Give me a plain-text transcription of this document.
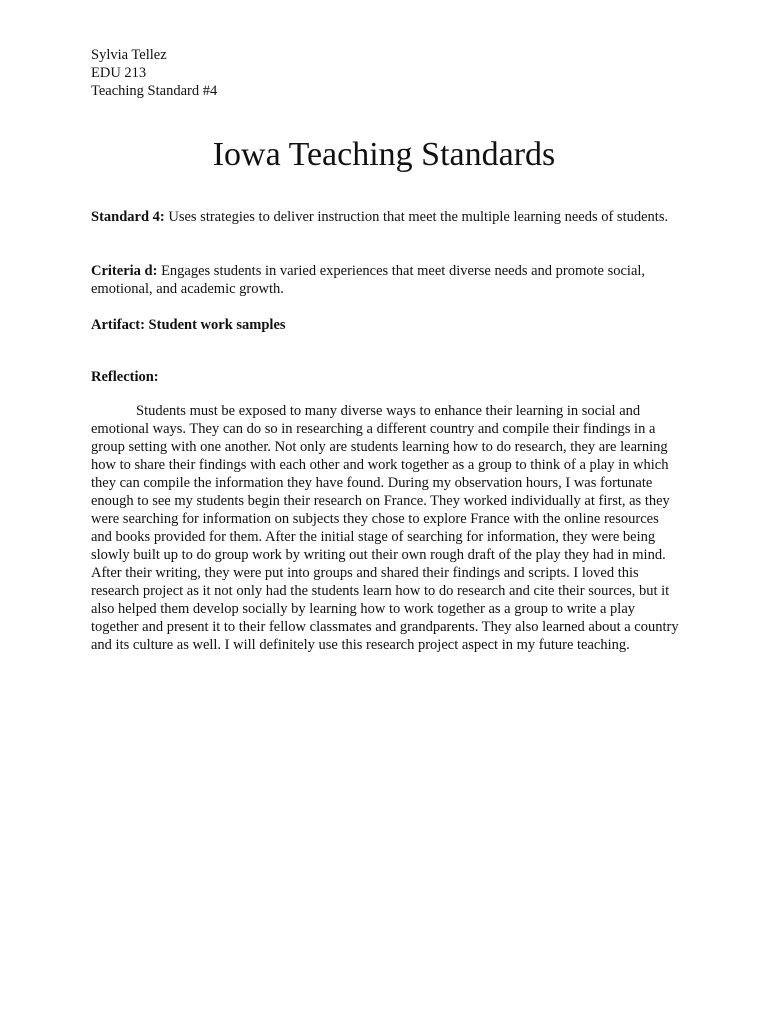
Sylvia Tellez
EDU 213
Teaching Standard #4
Iowa Teaching Standards

Standard 4: Uses strategies to deliver instruction that meet the multiple learning needs of students.

Criteria d: Engages students in varied experiences that meet diverse needs and promote social, emotional, and academic growth.

Artifact: Student work samples

Reflection:

Students must be exposed to many diverse ways to enhance their learning in social and emotional ways. They can do so in researching a different country and compile their findings in a group setting with one another. Not only are students learning how to do research, they are learning how to share their findings with each other and work together as a group to think of a play in which they can compile the information they have found. During my observation hours, I was fortunate enough to see my students begin their research on France. They worked individually at first, as they were searching for information on subjects they chose to explore France with the online resources and books provided for them. After the initial stage of searching for information, they were being slowly built up to do group work by writing out their own rough draft of the play they had in mind. After their writing, they were put into groups and shared their findings and scripts. I loved this research project as it not only had the students learn how to do research and cite their sources, but it also helped them develop socially by learning how to work together as a group to write a play together and present it to their fellow classmates and grandparents. They also learned about a country and its culture as well. I will definitely use this research project aspect in my future teaching.
